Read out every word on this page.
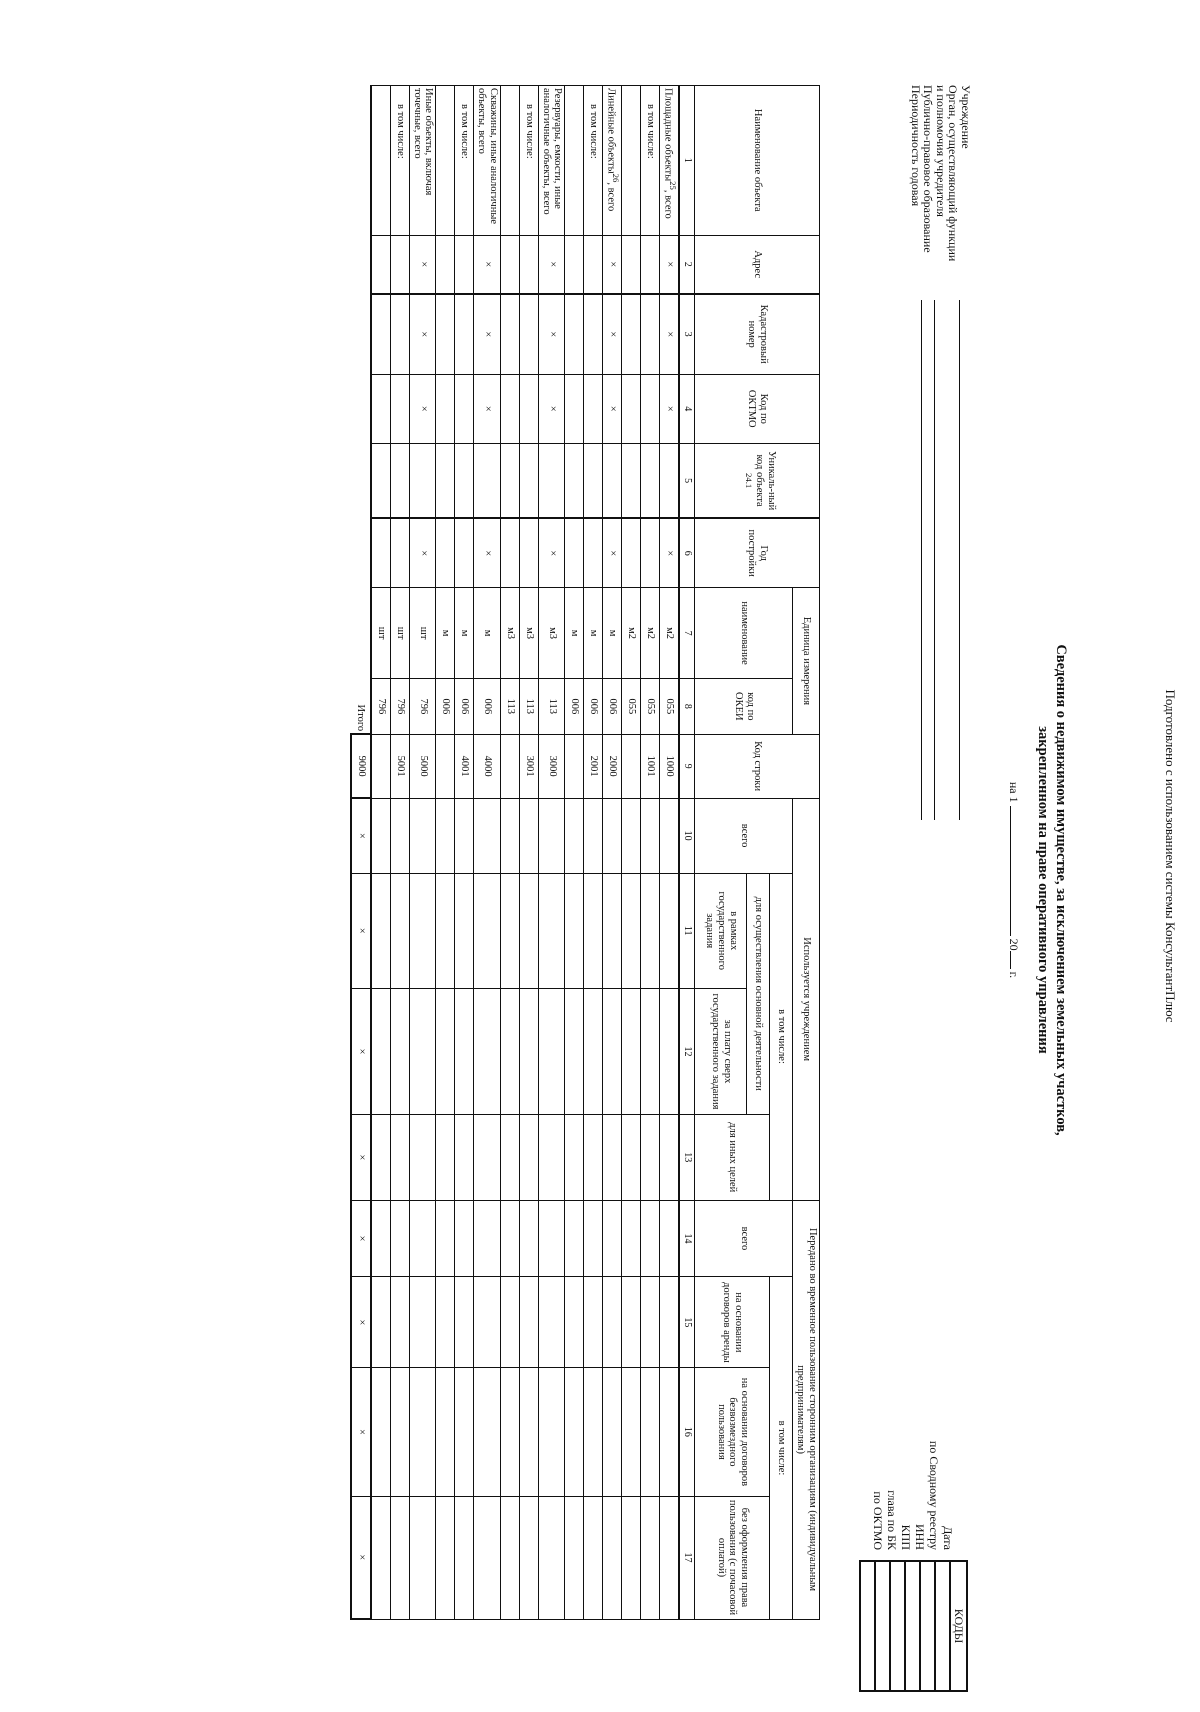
Подготовлено с использованием системы КонсультантПлюс
Сведения о недвижимом имуществе, за исключением земельных участков,
закрепленном на праве оперативного управления
на 1  20 г.
Учреждение
Орган, осуществляющий функции
и полномочия учредителя
Публично-правовое образование
Периодичность годовая
Дата
по Сводному реестру
ИНН
КПП
глава по БК
по ОКТМО
КОДЫ

Наименование объекта	Адрес	Кадастровый номер	Код по ОКТМО	Уникаль-ный код объекта $^{24.1}$	Год постройки	Единица измерения		Код строки	Используется учреждением				Передано во временное пользование сторонним организациям (индивидуальным предпринимателям)			
						наименование	код по ОКЕИ		всего	в том числе:			всего	в том числе:		
										для осуществления основной деятельности		для иных целей		на основании договоров аренды	на основании договоров безвозмездного пользования	без оформления права пользования (с почасовой оплатой)
										в рамках государственного задания	за плату сверх государственного задания					
1	2	3	4	5	6	7	8	9	10	11	12	13	14	15	16	17
Площадные объекты$^{25}$, всего	×	×	×		×	м2	055	1000								
в том числе:						м2	055	1001								
						м2	055									
Линейные объекты$^{26}$, всего	×	×	×		×	м	006	2000								
в том числе:						м	006	2001								
						м	006									
Резервуары, емкости, иные аналогичные объекты, всего	×	×	×		×	м3	113	3000								
в том числе:						м3	113	3001								
						м3	113									
Скважины, иные аналогичные объекты, всего	×	×	×		×	м	006	4000								
в том числе:						м	006	4001								
						м	006									
Иные объекты, включая точечные, всего	×	×	×		×	шт	796	5000								
в том числе:						шт	796	5001								
						шт	796									
Итого								9000	×	×	×	×	×	×	×	×
